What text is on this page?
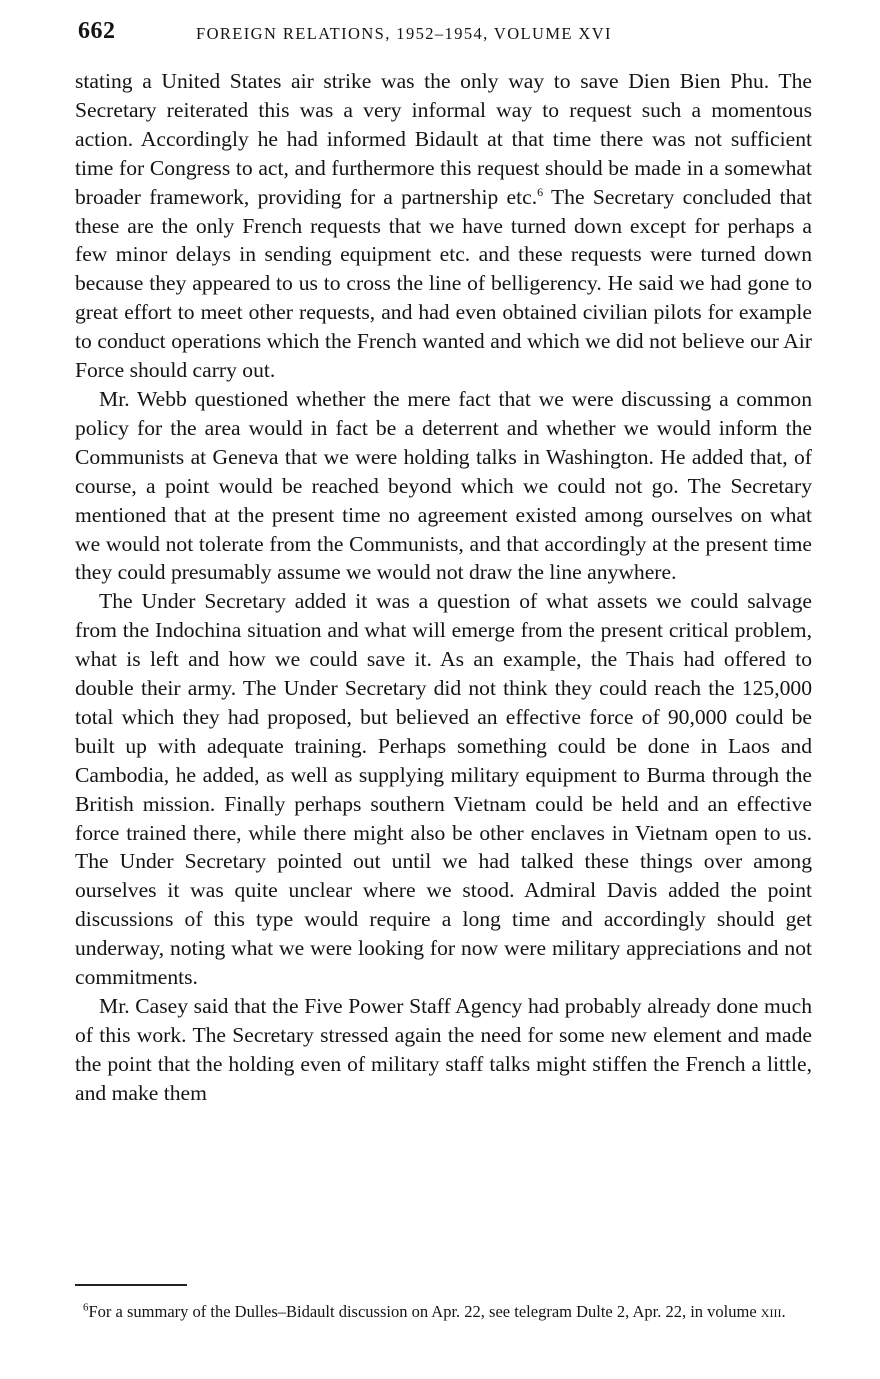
662	FOREIGN RELATIONS, 1952–1954, VOLUME XVI

stating a United States air strike was the only way to save Dien Bien Phu. The Secretary reiterated this was a very informal way to request such a momentous action. Accordingly he had informed Bidault at that time there was not sufficient time for Congress to act, and furthermore this request should be made in a somewhat broader framework, providing for a partnership etc.$^6$ The Secretary concluded that these are the only French requests that we have turned down except for perhaps a few minor delays in sending equipment etc. and these requests were turned down because they appeared to us to cross the line of belligerency. He said we had gone to great effort to meet other requests, and had even obtained civilian pilots for example to conduct operations which the French wanted and which we did not believe our Air Force should carry out.

Mr. Webb questioned whether the mere fact that we were discussing a common policy for the area would in fact be a deterrent and whether we would inform the Communists at Geneva that we were holding talks in Washington. He added that, of course, a point would be reached beyond which we could not go. The Secretary mentioned that at the present time no agreement existed among ourselves on what we would not tolerate from the Communists, and that accordingly at the present time they could presumably assume we would not draw the line anywhere.

The Under Secretary added it was a question of what assets we could salvage from the Indochina situation and what will emerge from the present critical problem, what is left and how we could save it. As an example, the Thais had offered to double their army. The Under Secretary did not think they could reach the 125,000 total which they had proposed, but believed an effective force of 90,000 could be built up with adequate training. Perhaps something could be done in Laos and Cambodia, he added, as well as supplying military equipment to Burma through the British mission. Finally perhaps southern Vietnam could be held and an effective force trained there, while there might also be other enclaves in Vietnam open to us. The Under Secretary pointed out until we had talked these things over among ourselves it was quite unclear where we stood. Admiral Davis added the point discussions of this type would require a long time and accordingly should get underway, noting what we were looking for now were military appreciations and not commitments.

Mr. Casey said that the Five Power Staff Agency had probably already done much of this work. The Secretary stressed again the need for some new element and made the point that the holding even of military staff talks might stiffen the French a little, and make them

$^6$For a summary of the Dulles–Bidault discussion on Apr. 22, see telegram Dulte 2, Apr. 22, in volume xiii.
